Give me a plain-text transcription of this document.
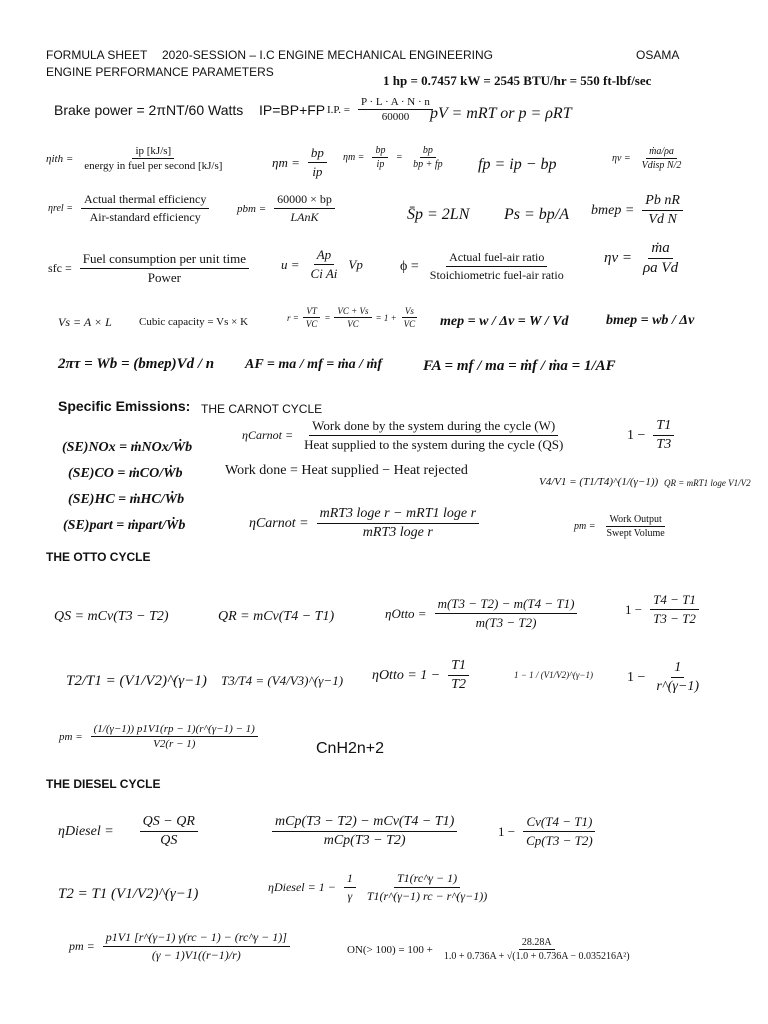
FORMULA SHEET 2020-SESSION – I.C ENGINE MECHANICAL ENGINEERING	OSAMA
ENGINE PERFORMANCE PARAMETERS
1 hp = 0.7457 kW = 2545 BTU/hr = 550 ft-lbf/sec
Brake power = 2πNT/60 Watts IP=BP+FP I.P. = $\frac{P \cdot L \cdot A \cdot N \cdot n}{60000}$
pV = mRT or p = ρRT
$\eta ith = \frac{ip [kJ/s]}{\text{energy in fuel per second [kJ/s]}}$	$\eta m = \frac{bp}{ip}$ $\eta m = \frac{bp}{ip} = \frac{bp}{bp + fp}$ fp = ip − bp	$\eta v = \frac{\text{ṁa/ρa}}{\text{Vdisp N/2}}$
$\eta rel = \frac{\text{Actual thermal efficiency}}{\text{Air-standard efficiency}}$	pbm = $\frac{60000 \times bp}{\text{LAnK}}$	S̄p = 2LN Ps = bp/A bmep = $\frac{\text{Pb nR}}{\text{Vd N}}$
sfc = $\frac{\text{Fuel consumption per unit time}}{\text{Power}}$ $u = \frac{Ap}{\text{Ci Ai}}$ Vp	$\phi = \frac{\text{Actual fuel-air ratio}}{\text{Stoichiometric fuel-air ratio}}$ $\eta v = \frac{\text{ṁa}}{\text{ρa Vd}}$
Vs = A × L Cubic capacity = Vs × K	$r = \frac{VT}{VC} = \frac{VC + Vs}{VC} = 1 + \frac{Vs}{VC}$ mep = w / Δv = W / Vd	bmep = wb / Δv
2πτ = Wb = (bmep)Vd / n AF = ma / mf = ṁa / ṁf	FA = mf / ma = ṁf / ṁa = 1/AF
Specific Emissions: THE CARNOT CYCLE
(SE)NOx = ṁNOx/Ẇb
(SE)CO = ṁCO/Ẇb
(SE)HC = ṁHC/Ẇb
(SE)part = ṁpart/Ẇb
ηCarnot = $\frac{\text{Work done by the system during the cycle (W)}}{\text{Heat supplied to the system during the cycle (QS)}}$	$1 - \frac{T1}{T3}$
Work done = Heat supplied − Heat rejected
V4/V1 = (T1/T4)^(1/(γ−1)) QR = mRT1 loge V1/V2
ηCarnot = $\frac{\text{mRT3 loge r − mRT1 loge r}}{\text{mRT3 loge r}}$	pm = $\frac{\text{Work Output}}{\text{Swept Volume}}$
THE OTTO CYCLE
QS = mCv(T3 − T2)	QR = mCv(T4 − T1)	ηOtto = $\frac{m(T3 - T2) - m(T4 - T1)}{m(T3 - T2)}$	$1 - \frac{T4 - T1}{T3 - T2}$
T2/T1 = (V1/V2)^(γ−1) T3/T4 = (V4/V3)^(γ−1) ηOtto = $1 - \frac{T1}{T2}$	1 − 1 / (V1/V2)^(γ−1) $1 - \frac{1}{r\^{}(\gamma-1)}$
pm = $\frac{(1/(\gamma-1)) p1V1(rp - 1)(r\^{}(\gamma-1) - 1)}{V2(r - 1)}$	CnH2n+2
THE DIESEL CYCLE
ηDiesel = $\frac{QS - QR}{QS}$	mCp(T3 − T2) − mCv(T4 − T1)
mCp(T3 − T2)
$1 - \frac{Cv(T4 - T1)}{Cp(T3 - T2)}$
T2 = T1 (V1/V2)^(γ−1)	ηDiesel = $1 - \frac{1}{\gamma} \frac{T1(rc\^{}\gamma - 1)}{T1(r\^{}(\gamma-1) rc - r\^{}(\gamma-1))}$
pm = $\frac{p1V1 [r\^{}(\gamma-1) \gamma(rc - 1) - (rc\^{}\gamma - 1)]}{(\gamma - 1)V1((r-1)/r)}$	$ON(> 100) = 100 + \frac{28.28A}{\text{1.0 + 0.736A + √(1.0 + 0.736A − 0.035216A²)}}$
